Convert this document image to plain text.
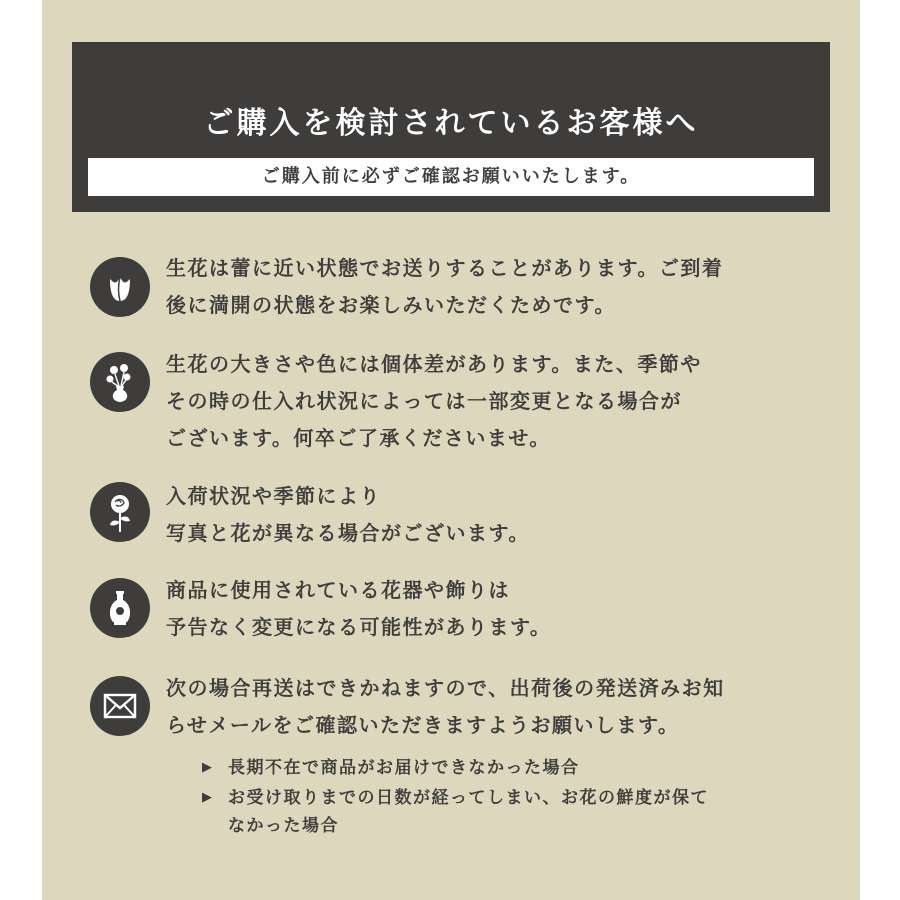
ご購入を検討されているお客様へ
ご購入前に必ずご確認お願いいたします。
生花は蕾に近い状態でお送りすることがあります。ご到着
後に満開の状態をお楽しみいただくためです。
生花の大きさや色には個体差があります。また、季節や
その時の仕入れ状況によっては一部変更となる場合が
ございます。何卒ご了承くださいませ。
入荷状況や季節により
写真と花が異なる場合がございます。
商品に使用されている花器や飾りは
予告なく変更になる可能性があります。
次の場合再送はできかねますので、出荷後の発送済みお知
らせメールをご確認いただきますようお願いします。
▶ 長期不在で商品がお届けできなかった場合
▶ お受け取りまでの日数が経ってしまい、お花の鮮度が保て
なかった場合
